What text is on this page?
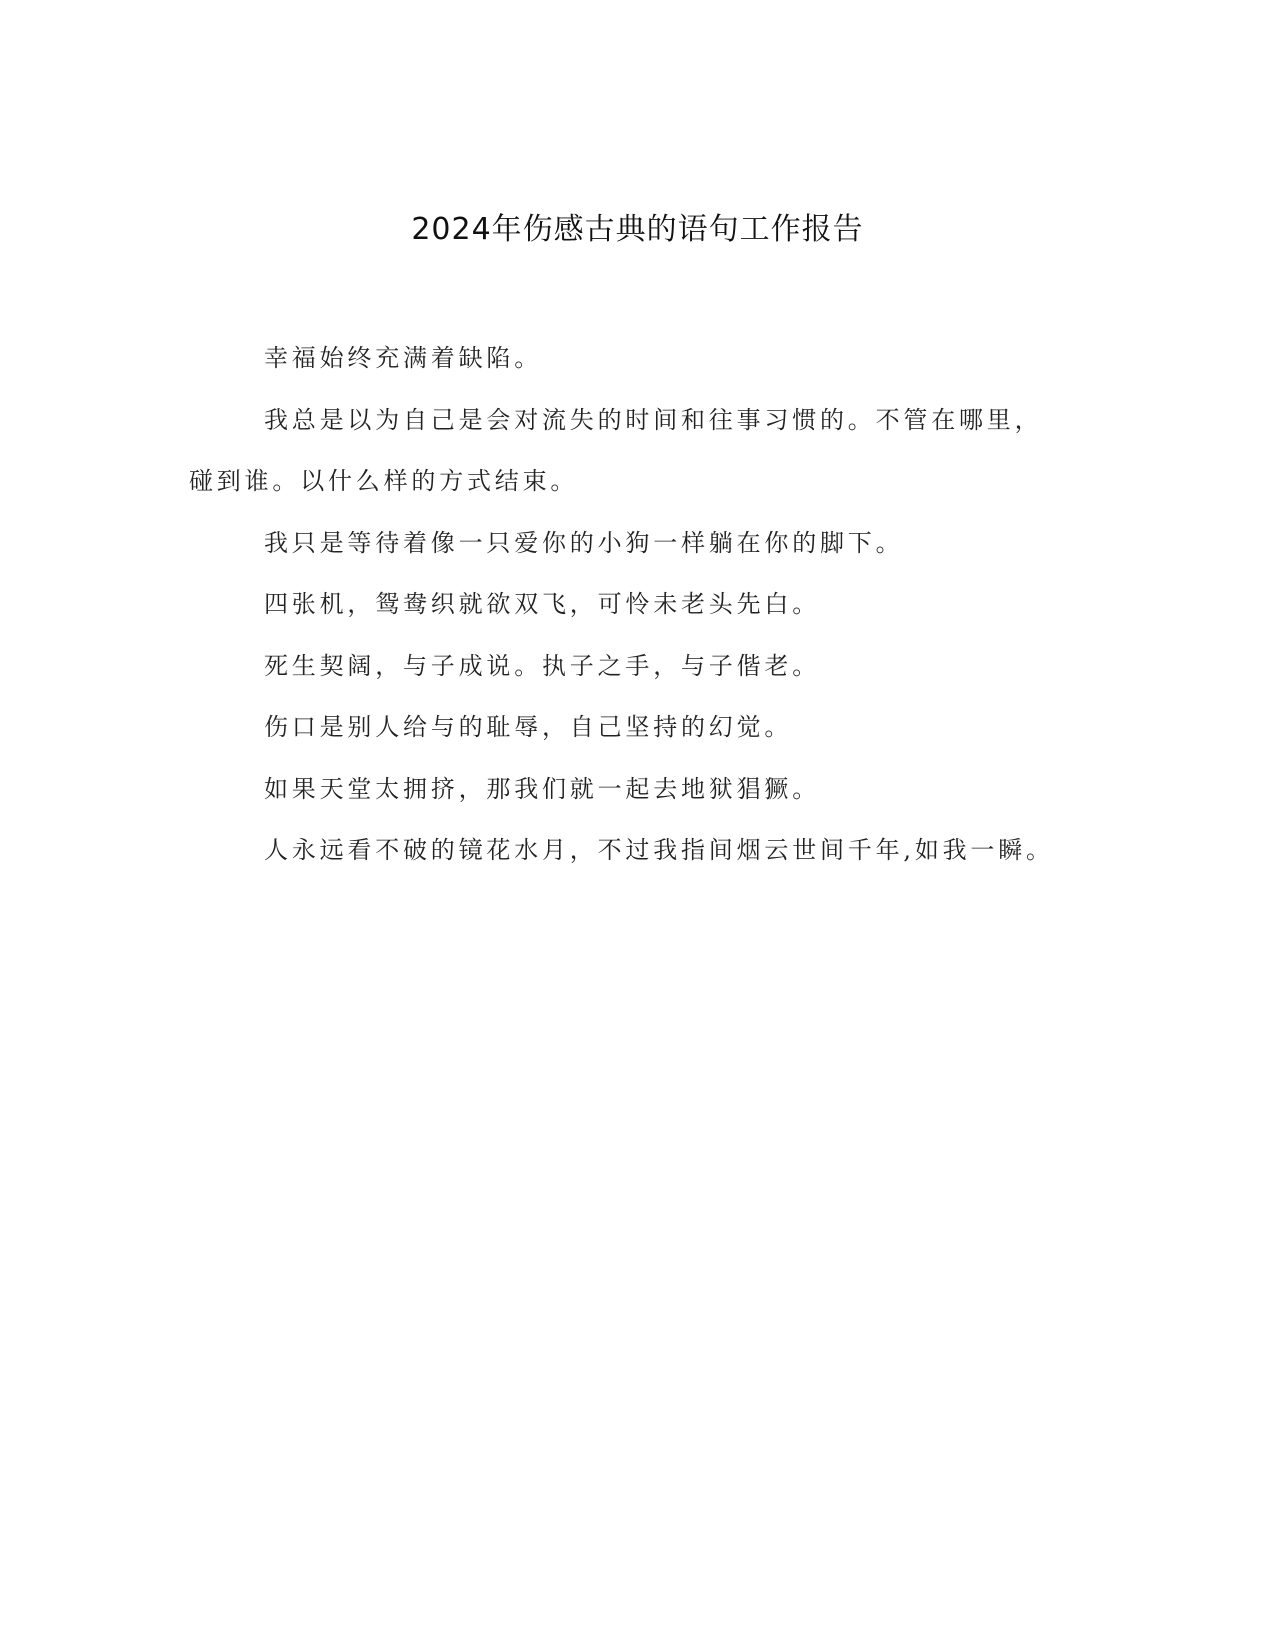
2024年伤感古典的语句工作报告

幸福始终充满着缺陷。

我总是以为自己是会对流失的时间和往事习惯的。不管在哪里，碰到谁。以什么样的方式结束。

我只是等待着像一只爱你的小狗一样躺在你的脚下。

四张机，鸳鸯织就欲双飞，可怜未老头先白。

死生契阔，与子成说。执子之手，与子偕老。

伤口是别人给与的耻辱，自己坚持的幻觉。

如果天堂太拥挤，那我们就一起去地狱猖獗。

人永远看不破的镜花水月，不过我指间烟云世间千年,如我一瞬。
